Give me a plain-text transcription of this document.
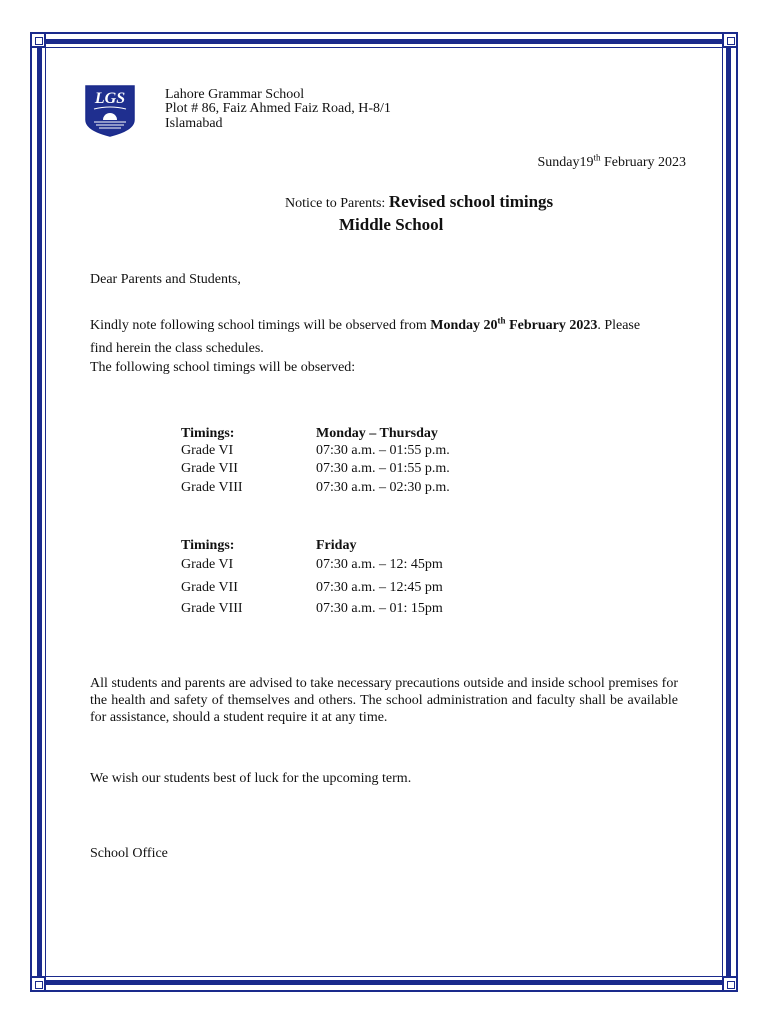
LGS	Lahore Grammar School
Plot # 86, Faiz Ahmed Faiz Road, H-8/1
Islamabad
Sunday19th February 2023
Notice to Parents: Revised school timings
Middle School
Dear Parents and Students,
Kindly note following school timings will be observed from Monday 20th February 2023. Please
find herein the class schedules.
The following school timings will be observed:
Timings:	Monday – Thursday
Grade VI	07:30 a.m. – 01:55 p.m.
Grade VII	07:30 a.m. – 01:55 p.m.
Grade VIII	07:30 a.m. – 02:30 p.m.
Timings:	Friday
Grade VI	07:30 a.m. – 12: 45pm
Grade VII	07:30 a.m. – 12:45 pm
Grade VIII	07:30 a.m. – 01: 15pm
All students and parents are advised to take necessary precautions outside and inside school premises for the health and safety of themselves and others. The school administration and faculty shall be available for assistance, should a student require it at any time.
We wish our students best of luck for the upcoming term.
School Office
